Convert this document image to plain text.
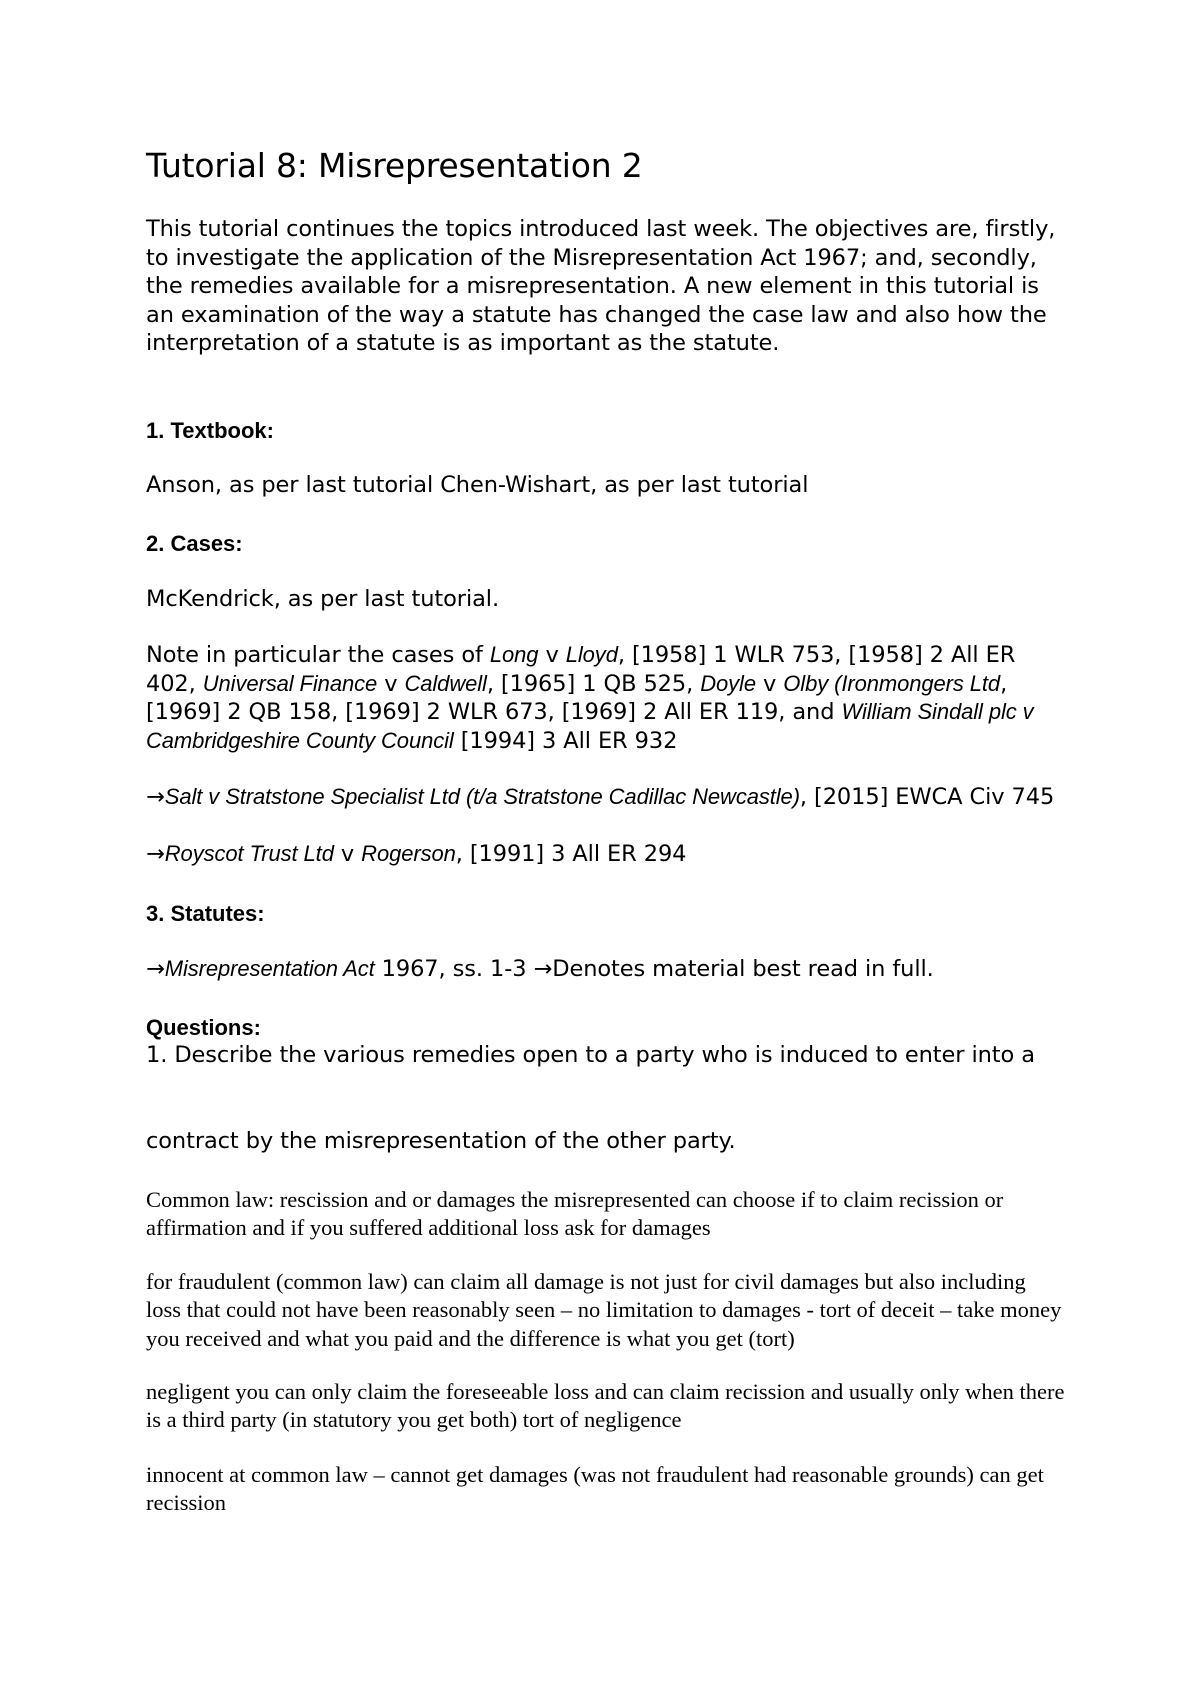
Tutorial 8: Misrepresentation 2

This tutorial continues the topics introduced last week. The objectives are, firstly, to investigate the application of the Misrepresentation Act 1967; and, secondly, the remedies available for a misrepresentation. A new element in this tutorial is an examination of the way a statute has changed the case law and also how the interpretation of a statute is as important as the statute.

1. Textbook:

Anson, as per last tutorial Chen-Wishart, as per last tutorial

2. Cases:

McKendrick, as per last tutorial.

Note in particular the cases of Long v Lloyd, [1958] 1 WLR 753, [1958] 2 All ER 402, Universal Finance v Caldwell, [1965] 1 QB 525, Doyle v Olby (Ironmongers Ltd, [1969] 2 QB 158, [1969] 2 WLR 673, [1969] 2 All ER 119, and William Sindall plc v Cambridgeshire County Council [1994] 3 All ER 932

→Salt v Stratstone Specialist Ltd (t/a Stratstone Cadillac Newcastle), [2015] EWCA Civ 745

→Royscot Trust Ltd v Rogerson, [1991] 3 All ER 294

3. Statutes:

→Misrepresentation Act 1967, ss. 1-3 →Denotes material best read in full.

Questions:

1. Describe the various remedies open to a party who is induced to enter into a

contract by the misrepresentation of the other party.

Common law: rescission and or damages the misrepresented can choose if to claim recission or affirmation and if you suffered additional loss ask for damages

for fraudulent (common law) can claim all damage is not just for civil damages but also including loss that could not have been reasonably seen – no limitation to damages - tort of deceit – take money you received and what you paid and the difference is what you get (tort)

negligent you can only claim the foreseeable loss and can claim recission and usually only when there is a third party (in statutory you get both) tort of negligence

innocent at common law – cannot get damages (was not fraudulent had reasonable grounds) can get recission
